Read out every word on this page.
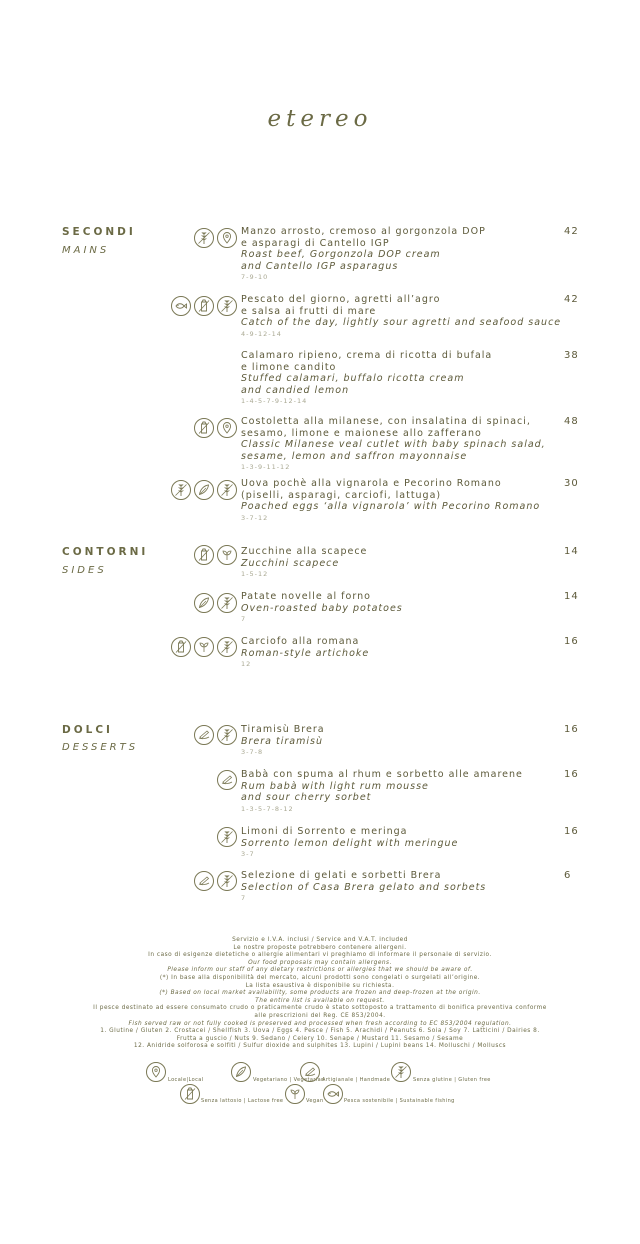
etereo
SECONDI
MAINS
CONTORNI
SIDES
DOLCI
DESSERTS
Manzo arrosto, cremoso al gorgonzola DOP
e asparagi di Cantello IGP
Roast beef, Gorgonzola DOP cream
and Cantello IGP asparagus
7-9-10
42
Pescato del giorno, agretti all’agro
e salsa ai frutti di mare
Catch of the day, lightly sour agretti and seafood sauce
4-9-12-14
42
Calamaro ripieno, crema di ricotta di bufala
e limone candito
Stuffed calamari, buffalo ricotta cream
and candied lemon
1-4-5-7-9-12-14
38
Costoletta alla milanese, con insalatina di spinaci,
sesamo, limone e maionese allo zafferano
Classic Milanese veal cutlet with baby spinach salad,
sesame, lemon and saffron mayonnaise
1-3-9-11-12
48
Uova pochè alla vignarola e Pecorino Romano
(piselli, asparagi, carciofi, lattuga)
Poached eggs ‘alla vignarola’ with Pecorino Romano
3-7-12
30
Zucchine alla scapece
Zucchini scapece
1-5-12
14
Patate novelle al forno
Oven-roasted baby potatoes
7
14
Carciofo alla romana
Roman-style artichoke
12
16
Tiramisù Brera
Brera tiramisù
3-7-8
16
Babà con spuma al rhum e sorbetto alle amarene
Rum babà with light rum mousse
and sour cherry sorbet
1-3-5-7-8-12
16
Limoni di Sorrento e meringa
Sorrento lemon delight with meringue
3-7
16
Selezione di gelati e sorbetti Brera
Selection of Casa Brera gelato and sorbets
7
6
Servizio e I.V.A. inclusi / Service and V.A.T. included
Le nostre proposte potrebbero contenere allergeni.
In caso di esigenze dietetiche o allergie alimentari vi preghiamo di informare il personale di servizio.
Our food proposals may contain allergens.
Please inform our staff of any dietary restrictions or allergies that we should be aware of.
(*) In base alla disponibilità del mercato, alcuni prodotti sono congelati o surgelati all’origine.
La lista esaustiva è disponibile su richiesta.
(*) Based on local market availability, some products are frozen and deep-frozen at the origin.
The entire list is available on request.
Il pesce destinato ad essere consumato crudo o praticamente crudo è stato sottoposto a trattamento di bonifica preventiva conforme
alle prescrizioni del Reg. CE 853/2004.
Fish served raw or not fully cooked is preserved and processed when fresh according to EC 853/2004 regulation.
1. Glutine / Gluten 2. Crostacei / Shellfish 3. Uova / Eggs 4. Pesce / Fish 5. Arachidi / Peanuts 6. Soia / Soy 7. Latticini / Dairies 8.
Frutta a guscio / Nuts 9. Sedano / Celery 10. Senape / Mustard 11. Sesamo / Sesame
12. Anidride solforosa e solfiti / Sulfur dioxide and sulphites 13. Lupini / Lupini beans 14. Molluschi / Molluscs
Locale|Local	Vegetariano | Vegetarian
Artigianale | Handmade	Senza glutine | Gluten free
Senza lattosio | Lactose free	Vegan	Pesca sostenibile | Sustainable fishing
